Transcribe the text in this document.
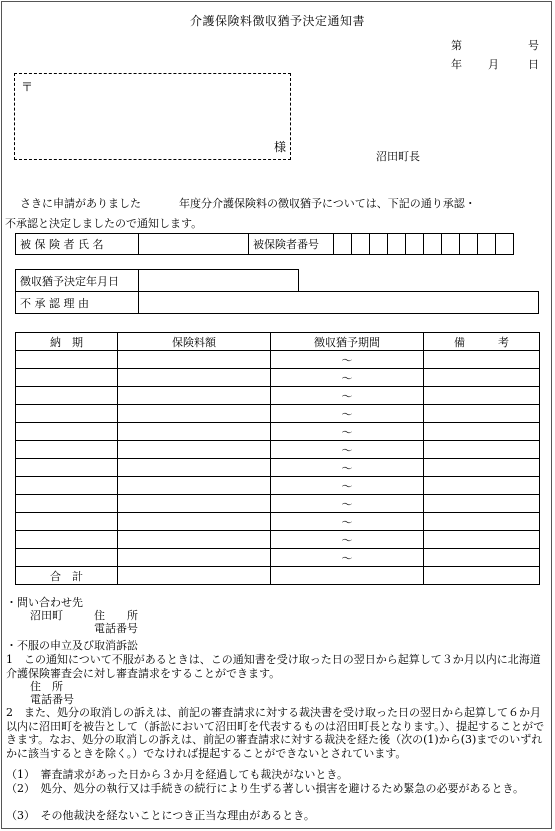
介護保険料徴収猶予決定通知書
第	号
年 月	日
〒
様
沼田町長
さきに申請がありました	年度分介護保険料の徴収猶予については、下記の通り承認・
不承認と決定しましたので通知します。
被 保 険 者 氏 名		被保険者番号										
徴収猶予決定年月日		
不 承 認 理 由		
納　期	保険料額	徴収猶予期間	備　　　考
		～	
		～	
		～	
		～	
		～	
		～	
		～	
		～	
		～	
		～	
		～	
		～	
合　計			
・問い合わせ先
沼田町	住　　所
電話番号
・不服の申立及び取消訴訟
1　この通知について不服があるときは、この通知書を受け取った日の翌日から起算して３か月以内に北海道介護保険審査会に対し審査請求をすることができます。
住　所
電話番号
2　また、処分の取消しの訴えは、前記の審査請求に対する裁決書を受け取った日の翌日から起算して６か月以内に沼田町を被告として（訴訟において沼田町を代表するものは沼田町長となります。）、提起することができます。なお、処分の取消しの訴えは、前記の審査請求に対する裁決を経た後（次の(1)から(3)までのいずれかに該当するときを除く。）でなければ提起することができないとされています。
（1）　審査請求があった日から３か月を経過しても裁決がないとき。
（2）　処分、処分の執行又は手続きの続行により生ずる著しい損害を避けるため緊急の必要があるとき。
（3）　その他裁決を経ないことにつき正当な理由があるとき。
